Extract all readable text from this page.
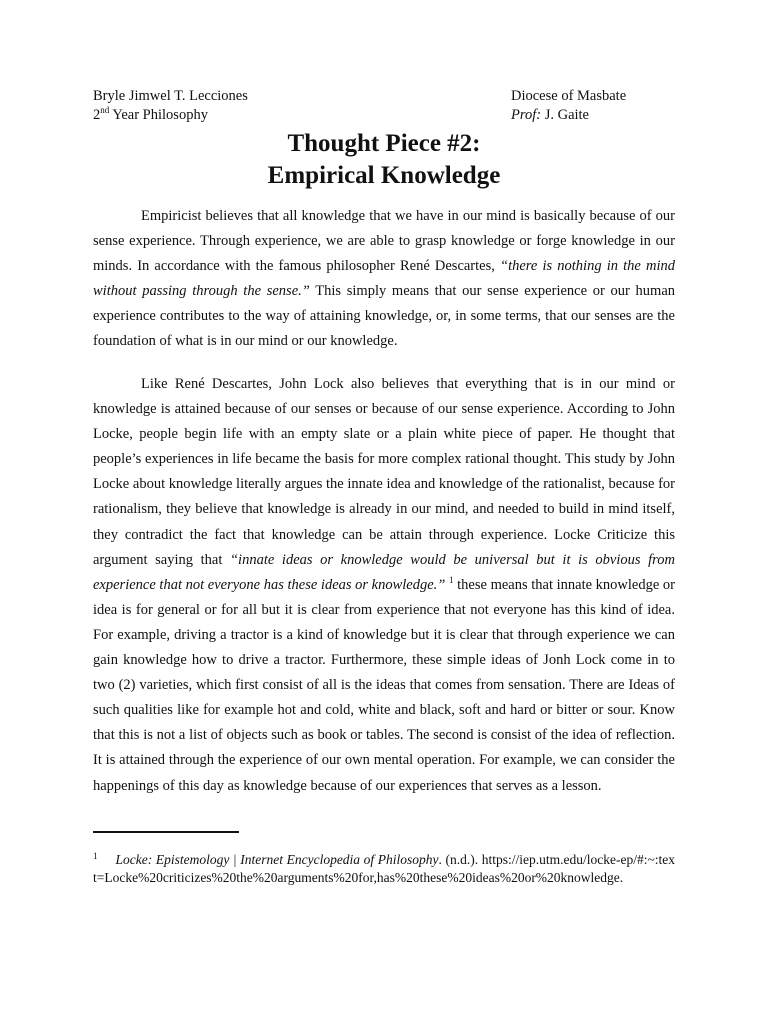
Bryle Jimwel T. Lecciones
2nd Year Philosophy
Diocese of Masbate
Prof: J. Gaite
Thought Piece #2:
Empirical Knowledge

Empiricist believes that all knowledge that we have in our mind is basically because of our sense experience. Through experience, we are able to grasp knowledge or forge knowledge in our minds. In accordance with the famous philosopher René Descartes, “there is nothing in the mind without passing through the sense.” This simply means that our sense experience or our human experience contributes to the way of attaining knowledge, or, in some terms, that our senses are the foundation of what is in our mind or our knowledge.

Like René Descartes, John Lock also believes that everything that is in our mind or knowledge is attained because of our senses or because of our sense experience. According to John Locke, people begin life with an empty slate or a plain white piece of paper. He thought that people’s experiences in life became the basis for more complex rational thought. This study by John Locke about knowledge literally argues the innate idea and knowledge of the rationalist, because for rationalism, they believe that knowledge is already in our mind, and needed to build in mind itself, they contradict the fact that knowledge can be attain through experience. Locke Criticize this argument saying that “innate ideas or knowledge would be universal but it is obvious from experience that not everyone has these ideas or knowledge.” $^1$ these means that innate knowledge or idea is for general or for all but it is clear from experience that not everyone has this kind of idea. For example, driving a tractor is a kind of knowledge but it is clear that through experience we can gain knowledge how to drive a tractor. Furthermore, these simple ideas of Jonh Lock come in to two (2) varieties, which first consist of all is the ideas that comes from sensation. There are Ideas of such qualities like for example hot and cold, white and black, soft and hard or bitter or sour. Know that this is not a list of objects such as book or tables. The second is consist of the idea of reflection. It is attained through the experience of our own mental operation. For example, we can consider the happenings of this day as knowledge because of our experiences that serves as a lesson.

$^1$ Locke: Epistemology | Internet Encyclopedia of Philosophy. (n.d.). https://iep.utm.edu/locke-ep/#:~:text=Locke%20criticizes%20the%20arguments%20for,has%20these%20ideas%20or%20knowledge.
